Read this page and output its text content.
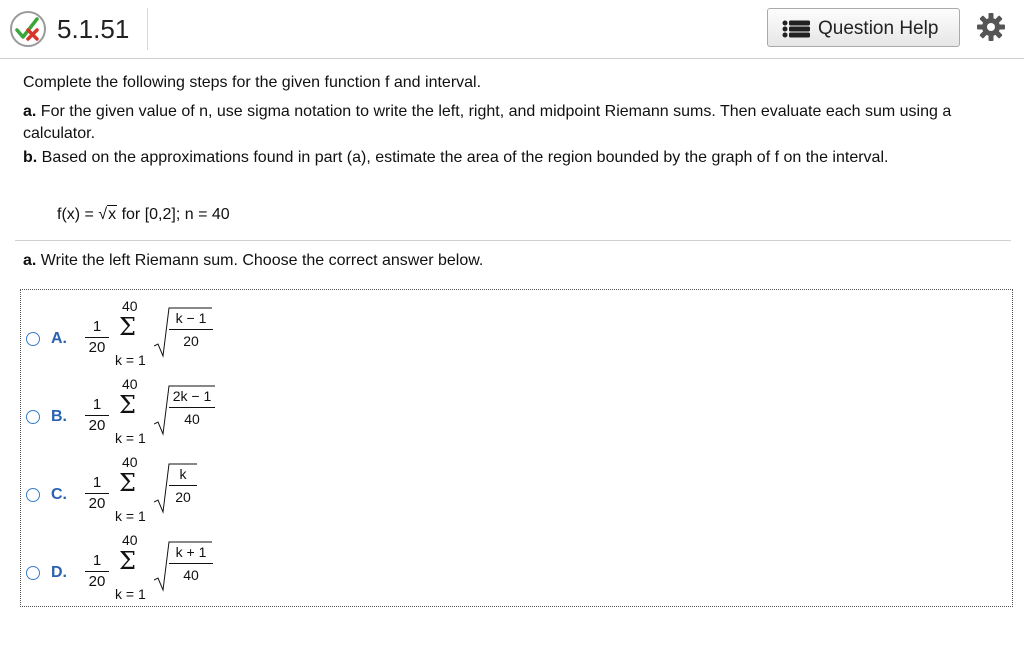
5.1.51	Question Help
Complete the following steps for the given function f and interval.
a. For the given value of n, use sigma notation to write the left, right, and midpoint Riemann sums. Then evaluate each sum using a calculator.
b. Based on the approximations found in part (a), estimate the area of the region bounded by the graph of f on the interval.
f(x) = √x for [0,2]; n = 40
a. Write the left Riemann sum. Choose the correct answer below.
A.
1
20
40
Σ
k = 1
k − 1
20
B.
1
20
40
Σ
k = 1
2k − 1
40
C.
1
20
40
Σ
k = 1
k
20
D.
1
20
40
Σ
k = 1
k + 1
40
